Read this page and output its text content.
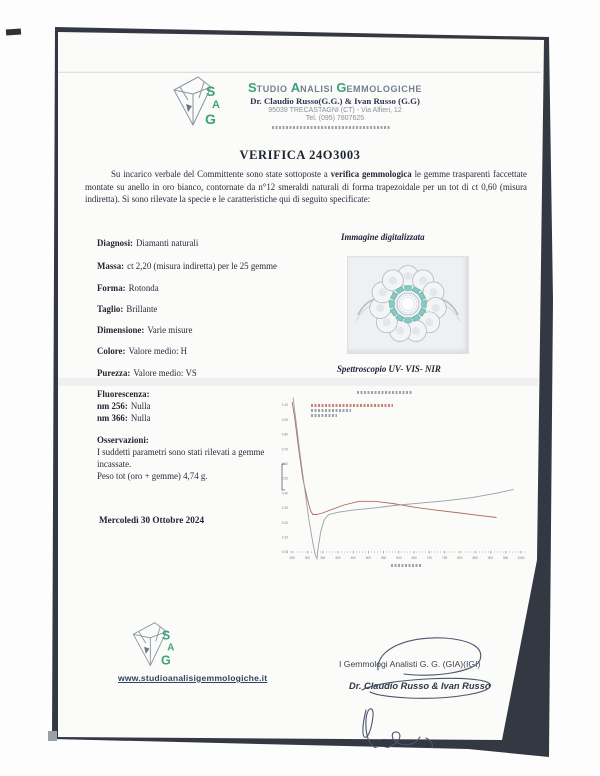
S
A
G
STUDIO ANALISI GEMMOLOGICHE
Dr. Claudio Russo(G.G.) & Ivan Russo (G.G)
95039 TRECASTAGNI (CT) - Via Alfieri, 12
Tel. (095) 7807625
VERIFICA 24O3003

Su incarico verbale del Committente sono state sottoposte a verifica gemmologica le gemme trasparenti faccettate montate su anello in oro bianco, contornate da n°12 smeraldi naturali di forma trapezoidale per un tot di ct 0,60 (misura indiretta). Si sono rilevate la specie e le caratteristiche qui di seguito specificate:

Diagnosi: Diamanti naturali
Massa: ct 2,20 (misura indiretta) per le 25 gemme
Forma: Rotonda
Taglio: Brillante
Dimensione: Varie misure
Colore: Valore medio: H
Purezza: Valore medio: VS
Fluorescenza:
nm 256: Nulla
nm 366: Nulla
Osservazioni:
I suddetti parametri sono stati rilevati a gemme
incassate.
Peso tot (oro + gemme) 4,74 g.
Mercoledì 30 Ottobre 2024
Immagine digitalizzata
Spettroscopio UV- VIS- NIR
1.00
0.90
0.80
0.70
0.60
0.50
0.40
0.30
0.20
0.10
0.00
250	300	350	400	450	500	550	600	650	700	750	800	850	900	950	1000
S
A
G
www.studioanalisigemmologiche.it
I Gemmologi Analisti G. G. (GIA)(IGI)
Dr. Claudio Russo & Ivan Russo
